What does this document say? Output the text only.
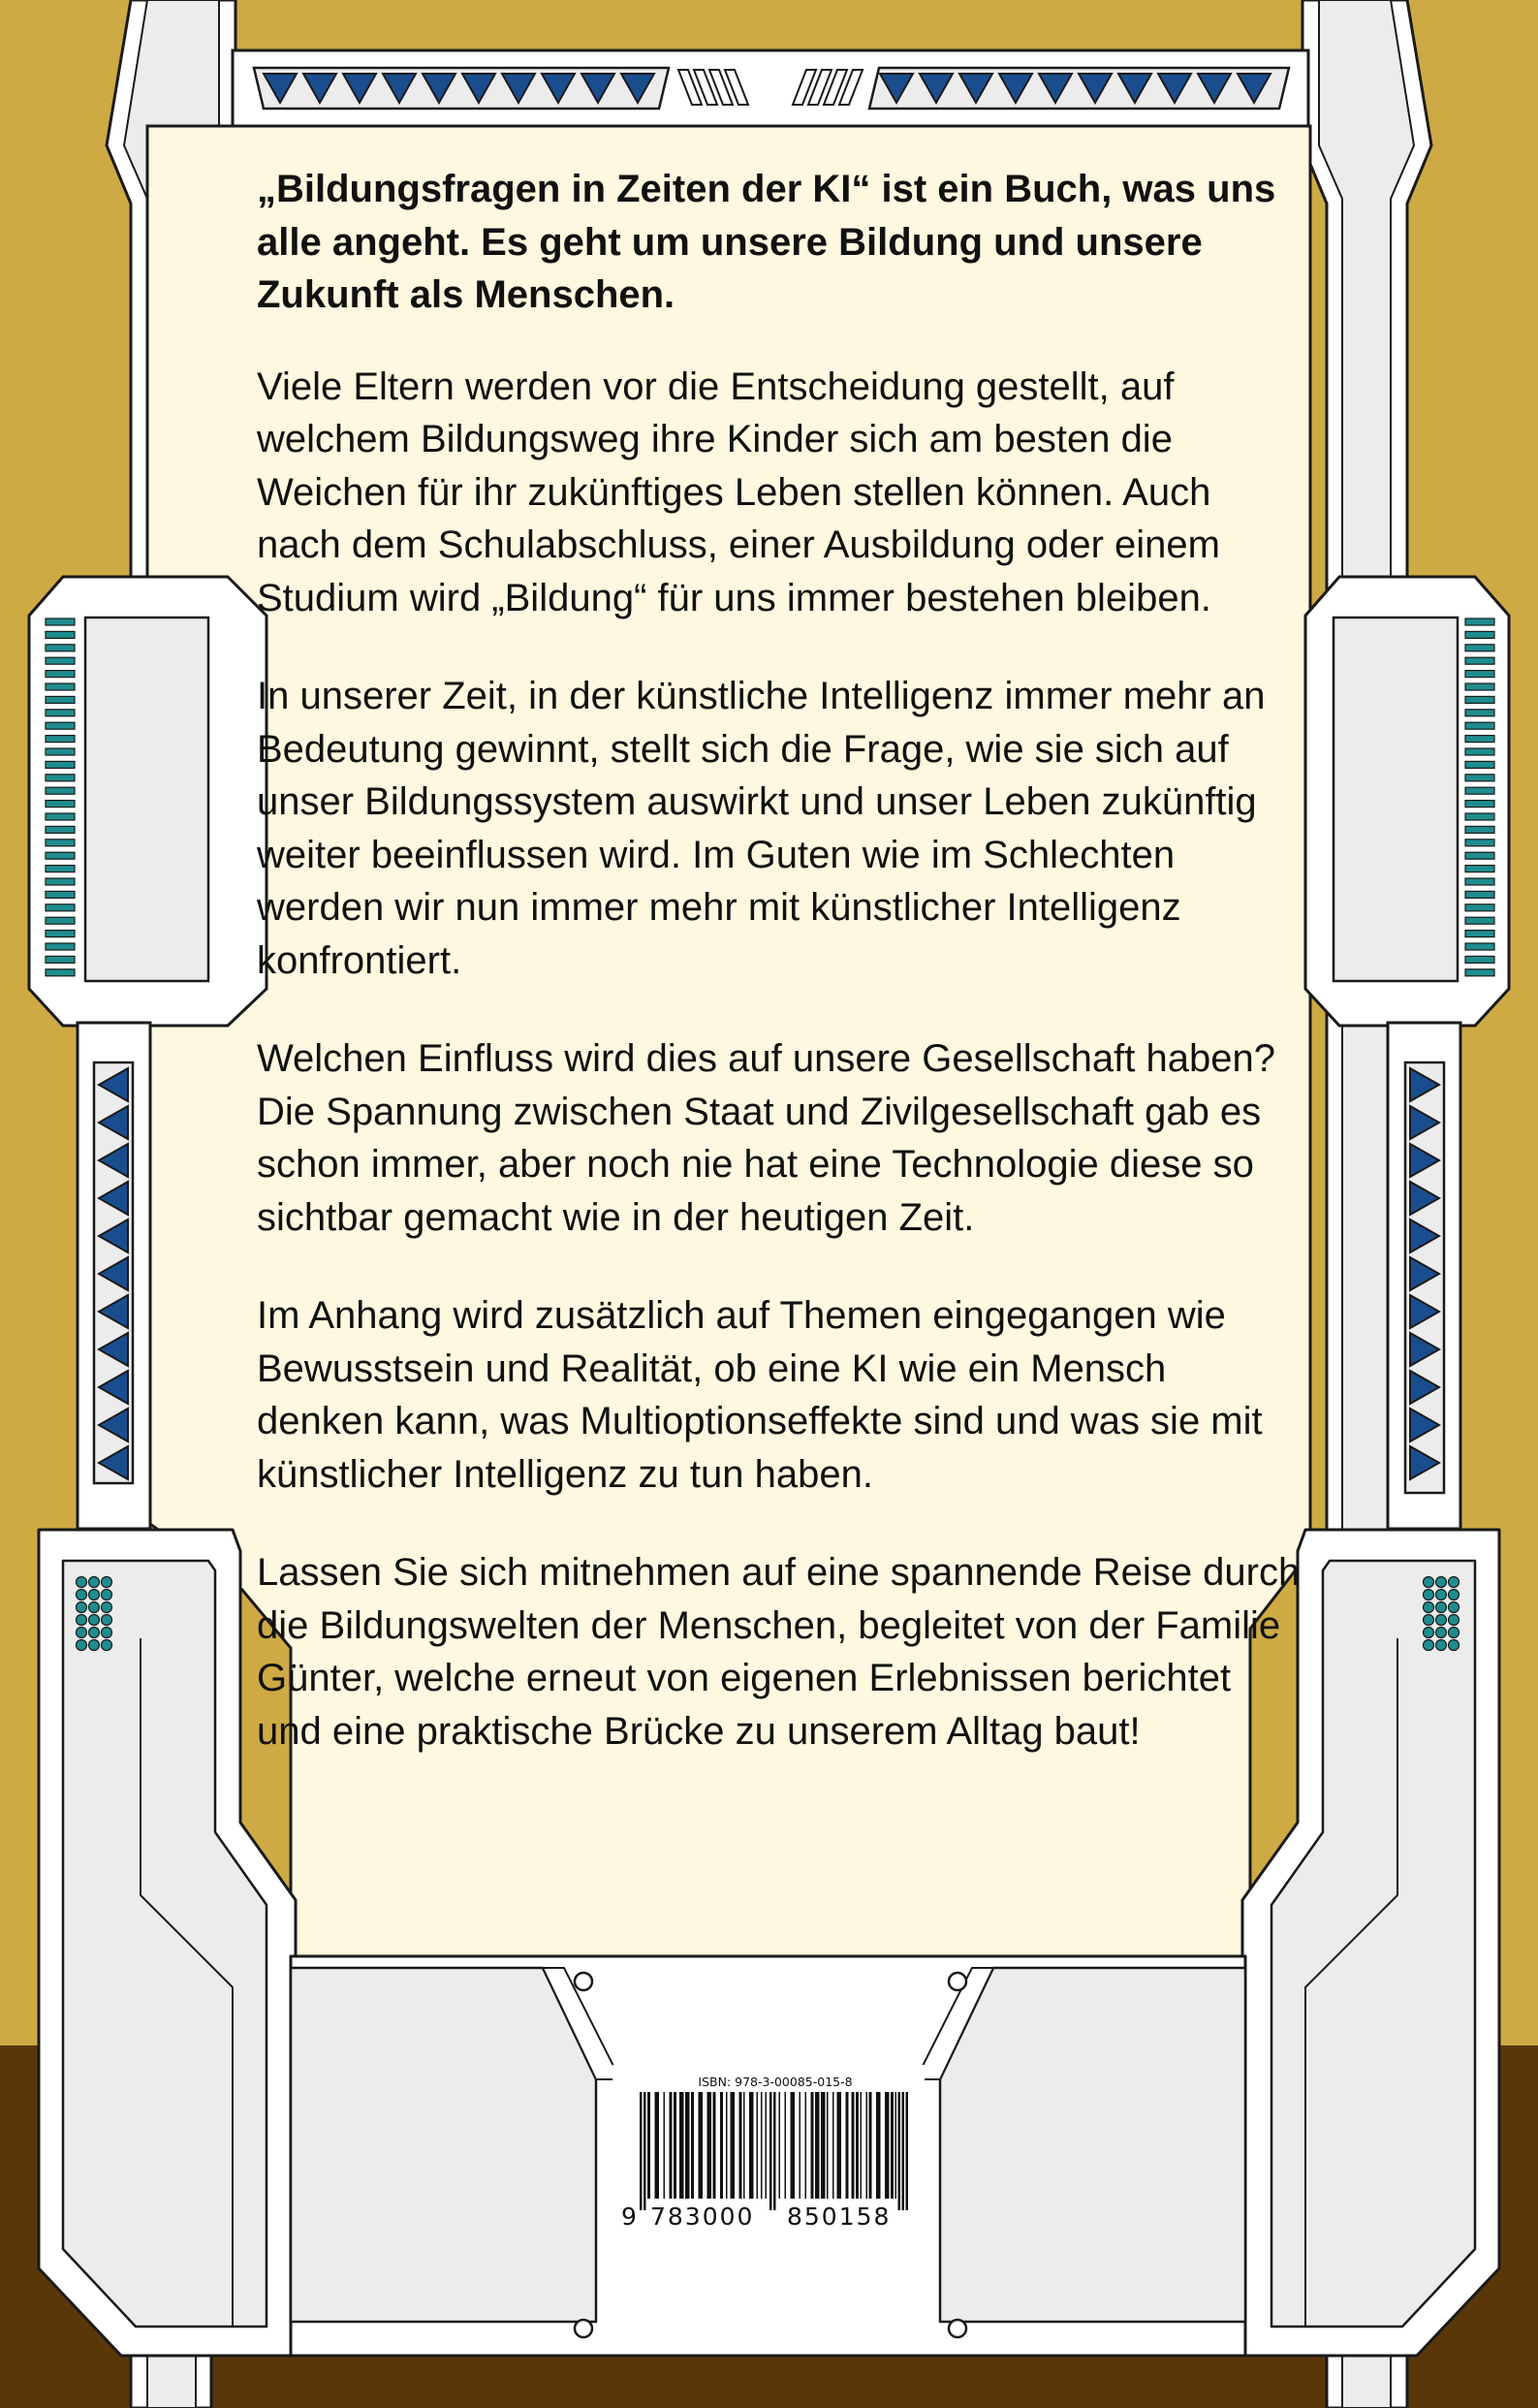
„Bildungsfragen in Zeiten der KI“ ist ein Buch, was uns alle angeht. Es geht um unsere Bildung und unsere Zukunft als Menschen.

Viele Eltern werden vor die Entscheidung gestellt, auf welchem Bildungsweg ihre Kinder sich am besten die Weichen für ihr zukünftiges Leben stellen können. Auch nach dem Schulabschluss, einer Ausbildung oder einem Studium wird „Bildung“ für uns immer bestehen bleiben.

In unserer Zeit, in der künstliche Intelligenz immer mehr an Bedeutung gewinnt, stellt sich die Frage, wie sie sich auf unser Bildungssystem auswirkt und unser Leben zukünftig weiter beeinflussen wird. Im Guten wie im Schlechten werden wir nun immer mehr mit künstlicher Intelligenz konfrontiert.

Welchen Einfluss wird dies auf unsere Gesellschaft haben? Die Spannung zwischen Staat und Zivilgesellschaft gab es schon immer, aber noch nie hat eine Technologie diese so sichtbar gemacht wie in der heutigen Zeit.

Im Anhang wird zusätzlich auf Themen eingegangen wie Bewusstsein und Realität, ob eine KI wie ein Mensch denken kann, was Multioptionseffekte sind und was sie mit künstlicher Intelligenz zu tun haben.

Lassen Sie sich mitnehmen auf eine spannende Reise durch die Bildungswelten der Menschen, begleitet von der Familie Günter, welche erneut von eigenen Erlebnissen berichtet und eine praktische Brücke zu unserem Alltag baut!

ISBN: 978-3-00085-015-8
9 783000 850158
